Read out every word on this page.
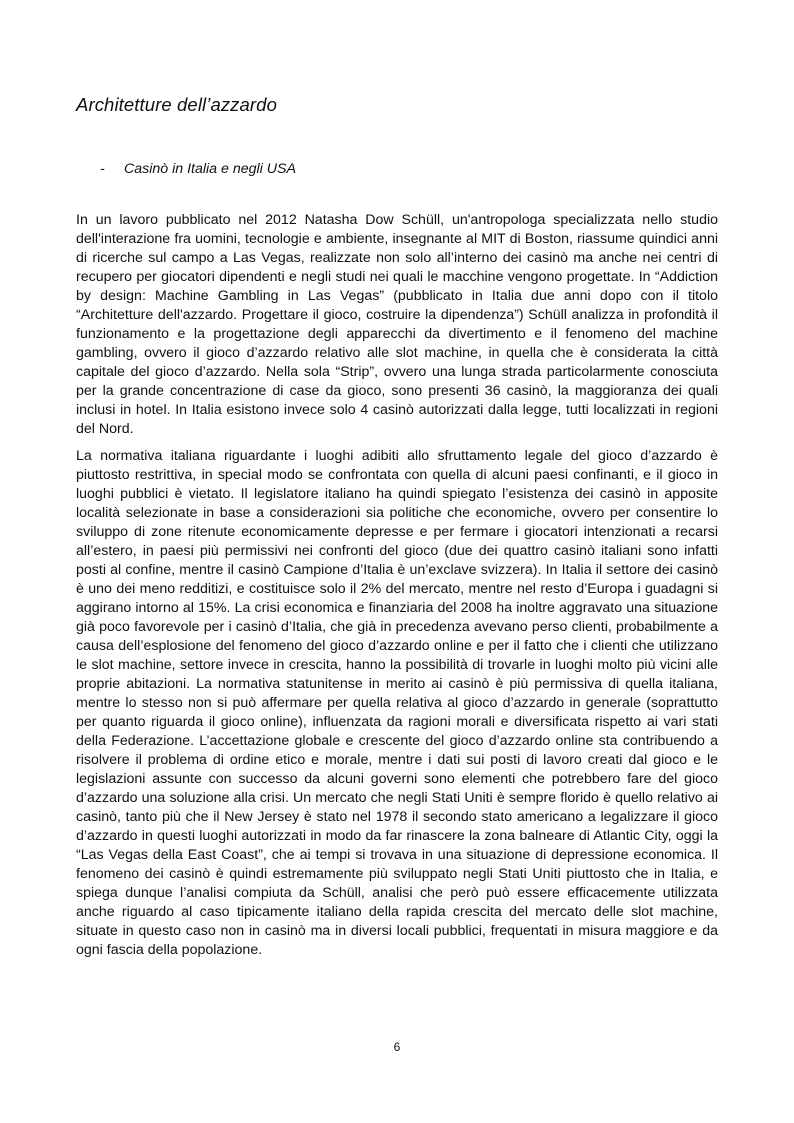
Architetture dell’azzardo
- Casinò in Italia e negli USA

In un lavoro pubblicato nel 2012 Natasha Dow Schüll, un'antropologa specializzata nello studio dell'interazione fra uomini, tecnologie e ambiente, insegnante al MIT di Boston, riassume quindici anni di ricerche sul campo a Las Vegas, realizzate non solo all’interno dei casinò ma anche nei centri di recupero per giocatori dipendenti e negli studi nei quali le macchine vengono progettate. In “Addiction by design: Machine Gambling in Las Vegas” (pubblicato in Italia due anni dopo con il titolo “Architetture dell'azzardo. Progettare il gioco, costruire la dipendenza”) Schüll analizza in profondità il funzionamento e la progettazione degli apparecchi da divertimento e il fenomeno del machine gambling, ovvero il gioco d’azzardo relativo alle slot machine, in quella che è considerata la città capitale del gioco d’azzardo. Nella sola “Strip”, ovvero una lunga strada particolarmente conosciuta per la grande concentrazione di case da gioco, sono presenti 36 casinò, la maggioranza dei quali inclusi in hotel. In Italia esistono invece solo 4 casinò autorizzati dalla legge, tutti localizzati in regioni del Nord.

La normativa italiana riguardante i luoghi adibiti allo sfruttamento legale del gioco d’azzardo è piuttosto restrittiva, in special modo se confrontata con quella di alcuni paesi confinanti, e il gioco in luoghi pubblici è vietato. Il legislatore italiano ha quindi spiegato l’esistenza dei casinò in apposite località selezionate in base a considerazioni sia politiche che economiche, ovvero per consentire lo sviluppo di zone ritenute economicamente depresse e per fermare i giocatori intenzionati a recarsi all’estero, in paesi più permissivi nei confronti del gioco (due dei quattro casinò italiani sono infatti posti al confine, mentre il casinò Campione d’Italia è un’exclave svizzera). In Italia il settore dei casinò è uno dei meno redditizi, e costituisce solo il 2% del mercato, mentre nel resto d’Europa i guadagni si aggirano intorno al 15%. La crisi economica e finanziaria del 2008 ha inoltre aggravato una situazione già poco favorevole per i casinò d’Italia, che già in precedenza avevano perso clienti, probabilmente a causa dell’esplosione del fenomeno del gioco d’azzardo online e per il fatto che i clienti che utilizzano le slot machine, settore invece in crescita, hanno la possibilità di trovarle in luoghi molto più vicini alle proprie abitazioni. La normativa statunitense in merito ai casinò è più permissiva di quella italiana, mentre lo stesso non si può affermare per quella relativa al gioco d’azzardo in generale (soprattutto per quanto riguarda il gioco online), influenzata da ragioni morali e diversificata rispetto ai vari stati della Federazione. L’accettazione globale e crescente del gioco d’azzardo online sta contribuendo a risolvere il problema di ordine etico e morale, mentre i dati sui posti di lavoro creati dal gioco e le legislazioni assunte con successo da alcuni governi sono elementi che potrebbero fare del gioco d’azzardo una soluzione alla crisi. Un mercato che negli Stati Uniti è sempre florido è quello relativo ai casinò, tanto più che il New Jersey è stato nel 1978 il secondo stato americano a legalizzare il gioco d’azzardo in questi luoghi autorizzati in modo da far rinascere la zona balneare di Atlantic City, oggi la “Las Vegas della East Coast”, che ai tempi si trovava in una situazione di depressione economica. Il fenomeno dei casinò è quindi estremamente più sviluppato negli Stati Uniti piuttosto che in Italia, e spiega dunque l’analisi compiuta da Schüll, analisi che però può essere efficacemente utilizzata anche riguardo al caso tipicamente italiano della rapida crescita del mercato delle slot machine, situate in questo caso non in casinò ma in diversi locali pubblici, frequentati in misura maggiore e da ogni fascia della popolazione.

6
